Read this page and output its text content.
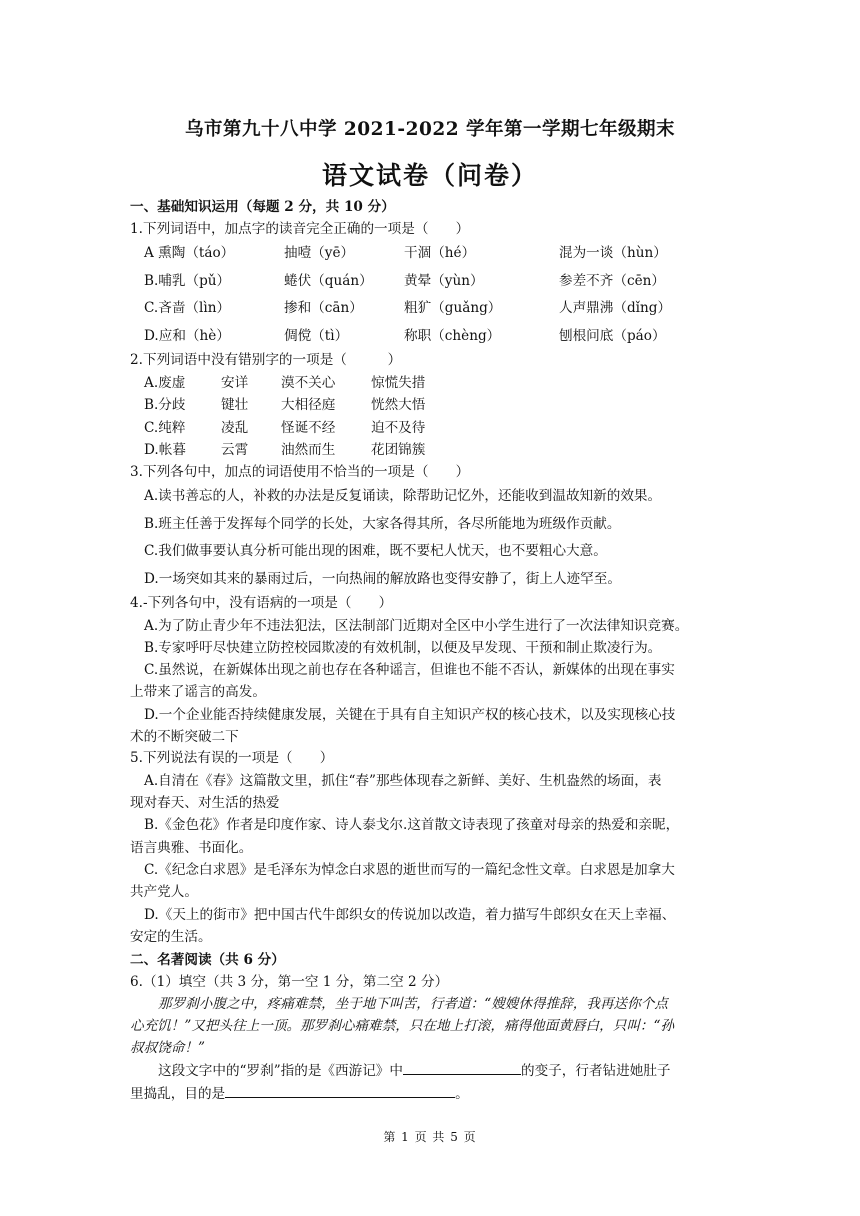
乌市第九十八中学 2021-2022 学年第一学期七年级期末
语文试卷（问卷）
一、基础知识运用（每题 2 分，共 10 分）
1.下列词语中，加点字的读音完全正确的一项是（　　）
A 熏陶（táo）	抽噎（yē）	干涸（hé）	混为一谈（hùn）
B.哺乳（pǔ）	蜷伏（quán）	黄晕（yùn）	参差不齐（cēn）
C.吝啬（lìn）	掺和（cān）	粗犷（guǎng）	人声鼎沸（dǐng）
D.应和（hè）	倜傥（tì）	称职（chèng）	刨根问底（páo）
2.下列词语中没有错别字的一项是（　　　）
A.废虚	安详	漠不关心	惊慌失措
B.分歧	键壮	大相径庭	恍然大悟
C.纯粹	凌乱	怪诞不经	迫不及待
D.帐暮	云霄	油然而生	花团锦簇
3.下列各句中，加点的词语使用不恰当的一项是（　　）
A.读书善忘的人，补救的办法是反复诵读，除帮助记忆外，还能收到温故知新的效果。
B.班主任善于发挥每个同学的长处，大家各得其所，各尽所能地为班级作贡献。
C.我们做事要认真分析可能出现的困难，既不要杞人忧天，也不要粗心大意。
D.一场突如其来的暴雨过后，一向热闹的解放路也变得安静了，街上人迹罕至。
4.-下列各句中，没有语病的一项是（　　）
A.为了防止青少年不违法犯法，区法制部门近期对全区中小学生进行了一次法律知识竞赛。
B.专家呼吁尽快建立防控校园欺凌的有效机制，以便及早发现、干预和制止欺凌行为。
C.虽然说，在新媒体出现之前也存在各种谣言，但谁也不能不否认，新媒体的出现在事实
上带来了谣言的高发。
D.一个企业能否持续健康发展，关键在于具有自主知识产权的核心技术，以及实现核心技
术的不断突破二下
5.下列说法有误的一项是（　　）
A.自清在《春》这篇散文里，抓住“春”那些体现春之新鲜、美好、生机盎然的场面，表
现对春天、对生活的热爱
B.《金色花》作者是印度作家、诗人泰戈尔.这首散文诗表现了孩童对母亲的热爱和亲昵，
语言典雅、书面化。
C.《纪念白求恩》是毛泽东为悼念白求恩的逝世而写的一篇纪念性文章。白求恩是加拿大
共产党人。
D.《天上的街市》把中国古代牛郎织女的传说加以改造，着力描写牛郎织女在天上幸福、
安定的生活。
二、名著阅读（共 6 分）
6.（1）填空（共 3 分，第一空 1 分，第二空 2 分）
那罗刹小腹之中，疼痛难禁，坐于地下叫苦，行者道：“嫂嫂休得推辞，我再送你个点
心充饥！”又把头往上一顶。那罗刹心痛难禁，只在地上打滚，痛得他面黄唇白，只叫：“孙
叔叔饶命！”
这段文字中的“罗刹”指的是《西游记》中	的变子，行者钻进她肚子
里捣乱，目的是	。
第 1 页 共 5 页
